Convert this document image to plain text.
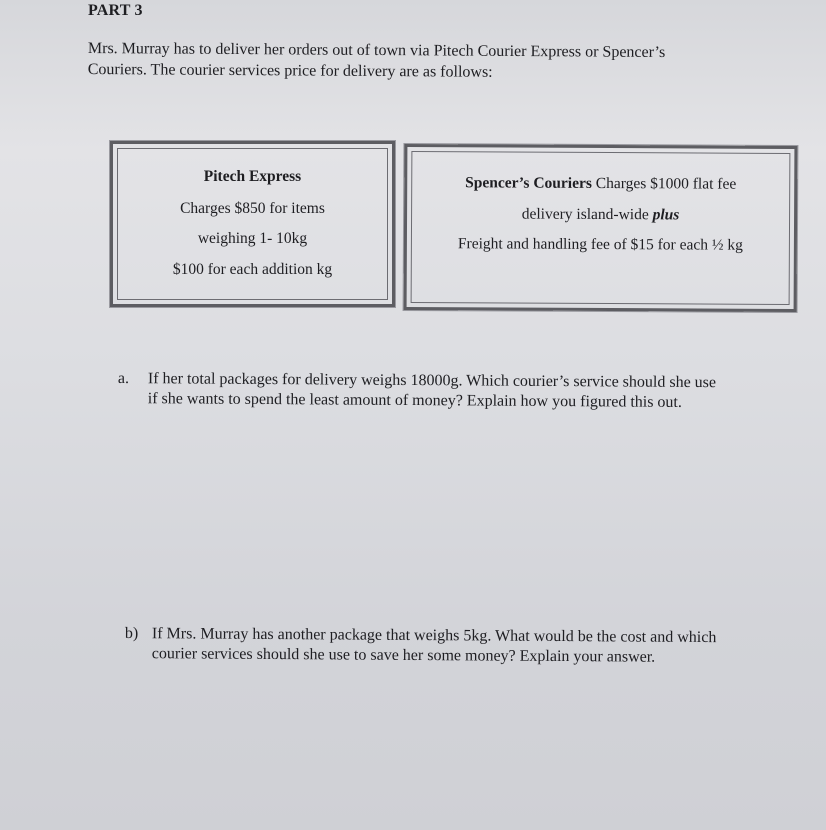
PART 3
Mrs. Murray has to deliver her orders out of town via Pitech Courier Express or Spencer’s
Couriers. The courier services price for delivery are as follows:
Pitech Express
Charges $850 for items
weighing 1- 10kg
$100 for each addition kg
Spencer’s Couriers Charges $1000 flat fee
delivery island-wide plus
Freight and handling fee of $15 for each ½ kg
a. If her total packages for delivery weighs 18000g. Which courier’s service should she use
if she wants to spend the least amount of money? Explain how you figured this out.
b) If Mrs. Murray has another package that weighs 5kg. What would be the cost and which
courier services should she use to save her some money? Explain your answer.
